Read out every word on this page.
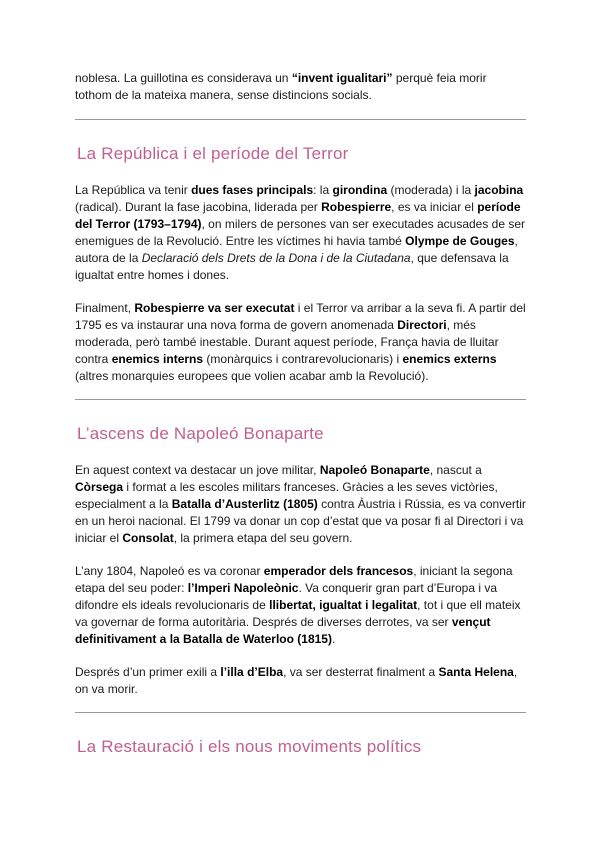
noblesa. La guillotina es considerava un “invent igualitari” perquè feia morir tothom de la mateixa manera, sense distincions socials.

La República i el període del Terror

La República va tenir dues fases principals: la girondina (moderada) i la jacobina (radical). Durant la fase jacobina, liderada per Robespierre, es va iniciar el període del Terror (1793–1794), on milers de persones van ser executades acusades de ser enemigues de la Revolució. Entre les víctimes hi havia també Olympe de Gouges, autora de la Declaració dels Drets de la Dona i de la Ciutadana, que defensava la igualtat entre homes i dones.

Finalment, Robespierre va ser executat i el Terror va arribar a la seva fi. A partir del 1795 es va instaurar una nova forma de govern anomenada Directori, més moderada, però també inestable. Durant aquest període, França havia de lluitar contra enemics interns (monàrquics i contrarevolucionaris) i enemics externs (altres monarquies europees que volien acabar amb la Revolució).

L’ascens de Napoleó Bonaparte

En aquest context va destacar un jove militar, Napoleó Bonaparte, nascut a Còrsega i format a les escoles militars franceses. Gràcies a les seves victòries, especialment a la Batalla d’Austerlitz (1805) contra Àustria i Rússia, es va convertir en un heroi nacional. El 1799 va donar un cop d’estat que va posar fi al Directori i va iniciar el Consolat, la primera etapa del seu govern.

L’any 1804, Napoleó es va coronar emperador dels francesos, iniciant la segona etapa del seu poder: l’Imperi Napoleònic. Va conquerir gran part d’Europa i va difondre els ideals revolucionaris de llibertat, igualtat i legalitat, tot i que ell mateix va governar de forma autoritària. Després de diverses derrotes, va ser vençut definitivament a la Batalla de Waterloo (1815).

Després d’un primer exili a l’illa d’Elba, va ser desterrat finalment a Santa Helena, on va morir.

La Restauració i els nous moviments polítics
